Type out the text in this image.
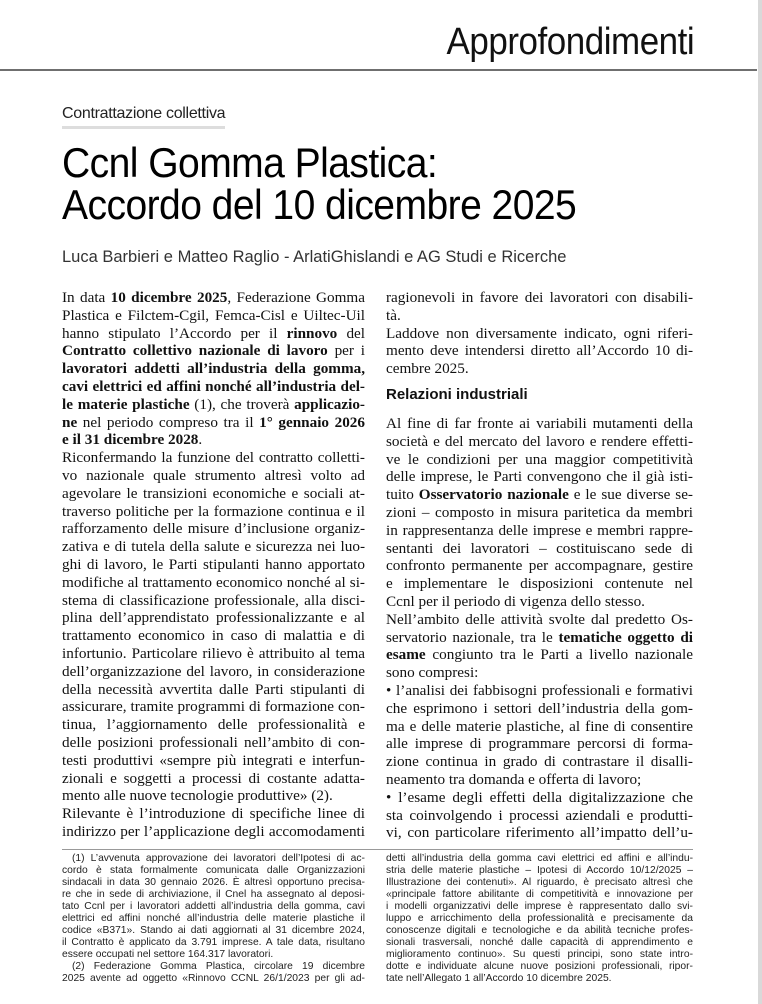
Approfondimenti
Contrattazione collettiva
Ccnl Gomma Plastica:
Accordo del 10 dicembre 2025
Luca Barbieri e Matteo Raglio - ArlatiGhislandi e AG Studi e Ricerche
In data 10 dicembre 2025, Federazione Gomma
Plastica e Filctem-Cgil, Femca-Cisl e Uiltec-Uil
hanno stipulato l’Accordo per il rinnovo del
Contratto collettivo nazionale di lavoro per i
lavoratori addetti all’industria della gomma,
cavi elettrici ed affini nonché all’industria del-
le materie plastiche (1), che troverà applicazio-
ne nel periodo compreso tra il 1° gennaio 2026
e il 31 dicembre 2028.
Riconfermando la funzione del contratto colletti-
vo nazionale quale strumento altresì volto ad
agevolare le transizioni economiche e sociali at-
traverso politiche per la formazione continua e il
rafforzamento delle misure d’inclusione organiz-
zativa e di tutela della salute e sicurezza nei luo-
ghi di lavoro, le Parti stipulanti hanno apportato
modifiche al trattamento economico nonché al si-
stema di classificazione professionale, alla disci-
plina dell’apprendistato professionalizzante e al
trattamento economico in caso di malattia e di
infortunio. Particolare rilievo è attribuito al tema
dell’organizzazione del lavoro, in considerazione
della necessità avvertita dalle Parti stipulanti di
assicurare, tramite programmi di formazione con-
tinua, l’aggiornamento delle professionalità e
delle posizioni professionali nell’ambito di con-
testi produttivi «sempre più integrati e interfun-
zionali e soggetti a processi di costante adatta-
mento alle nuove tecnologie produttive» (2).
Rilevante è l’introduzione di specifiche linee di
indirizzo per l’applicazione degli accomodamenti
ragionevoli in favore dei lavoratori con disabili-
tà.
Laddove non diversamente indicato, ogni riferi-
mento deve intendersi diretto all’Accordo 10 di-
cembre 2025.
Relazioni industriali
Al fine di far fronte ai variabili mutamenti della
società e del mercato del lavoro e rendere effetti-
ve le condizioni per una maggior competitività
delle imprese, le Parti convengono che il già isti-
tuito Osservatorio nazionale e le sue diverse se-
zioni – composto in misura paritetica da membri
in rappresentanza delle imprese e membri rappre-
sentanti dei lavoratori – costituiscano sede di
confronto permanente per accompagnare, gestire
e implementare le disposizioni contenute nel
Ccnl per il periodo di vigenza dello stesso.
Nell’ambito delle attività svolte dal predetto Os-
servatorio nazionale, tra le tematiche oggetto di
esame congiunto tra le Parti a livello nazionale
sono compresi:
• l’analisi dei fabbisogni professionali e formativi
che esprimono i settori dell’industria della gom-
ma e delle materie plastiche, al fine di consentire
alle imprese di programmare percorsi di forma-
zione continua in grado di contrastare il disalli-
neamento tra domanda e offerta di lavoro;
• l’esame degli effetti della digitalizzazione che
sta coinvolgendo i processi aziendali e produtti-
vi, con particolare riferimento all’impatto dell’u-
(1) L’avvenuta approvazione dei lavoratori dell’Ipotesi di ac-
cordo è stata formalmente comunicata dalle Organizzazioni
sindacali in data 30 gennaio 2026. È altresì opportuno precisa-
re che in sede di archiviazione, il Cnel ha assegnato al deposi-
tato Ccnl per i lavoratori addetti all’industria della gomma, cavi
elettrici ed affini nonché all’industria delle materie plastiche il
codice «B371». Stando ai dati aggiornati al 31 dicembre 2024,
il Contratto è applicato da 3.791 imprese. A tale data, risultano
essere occupati nel settore 164.317 lavoratori.
(2) Federazione Gomma Plastica, circolare 19 dicembre
2025 avente ad oggetto «Rinnovo CCNL 26/1/2023 per gli ad-
detti all’industria della gomma cavi elettrici ed affini e all’indu-
stria delle materie plastiche – Ipotesi di Accordo 10/12/2025 –
Illustrazione dei contenuti». Al riguardo, è precisato altresì che
«principale fattore abilitante di competitività e innovazione per
i modelli organizzativi delle imprese è rappresentato dallo svi-
luppo e arricchimento della professionalità e precisamente da
conoscenze digitali e tecnologiche e da abilità tecniche profes-
sionali trasversali, nonché dalle capacità di apprendimento e
miglioramento continuo». Su questi principi, sono state intro-
dotte e individuate alcune nuove posizioni professionali, ripor-
tate nell’Allegato 1 all’Accordo 10 dicembre 2025.
